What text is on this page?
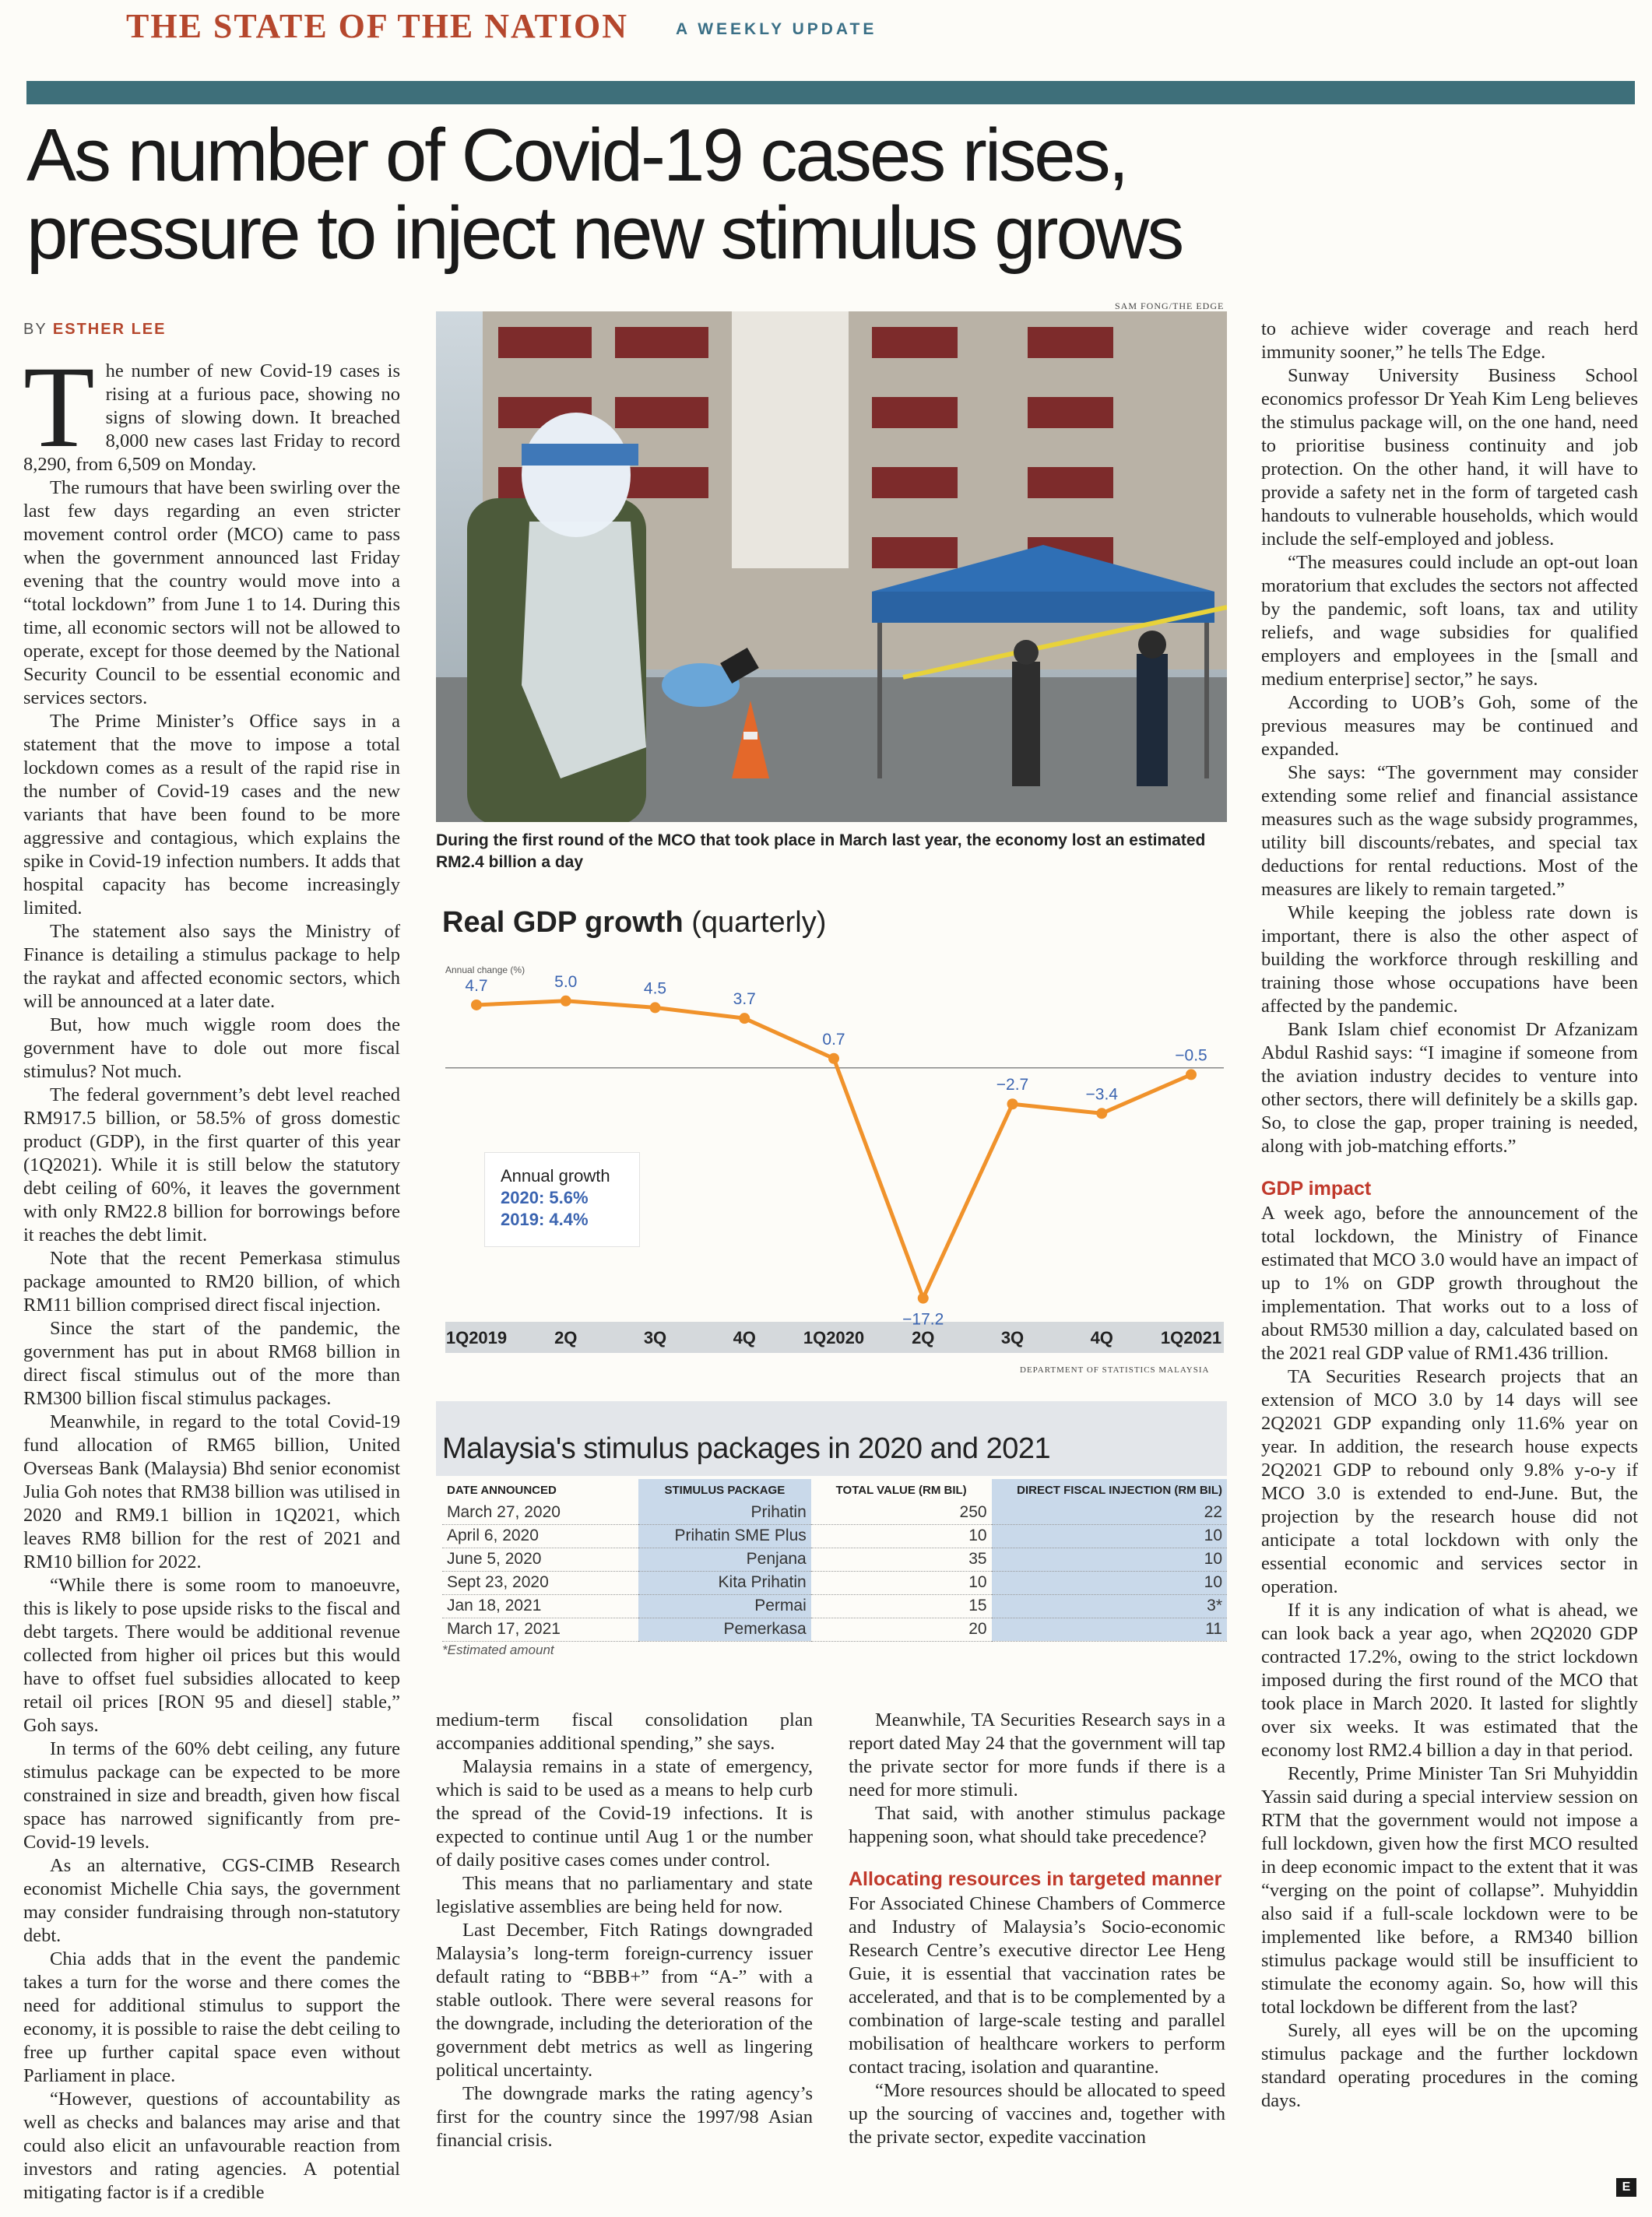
THE STATE OF THE NATION	A WEEKLY UPDATE
As number of Covid-19 cases rises,
pressure to inject new stimulus grows
BY ESTHER LEE

The number of new Covid-19 cases is rising at a furious pace, showing no signs of slowing down. It breached 8,000 new cases last Friday to record 8,290, from 6,509 on Monday.

The rumours that have been swirling over the last few days regarding an even stricter movement control order (MCO) came to pass when the government announced last Friday evening that the country would move into a “total lockdown” from June 1 to 14. During this time, all economic sectors will not be allowed to operate, except for those deemed by the National Security Council to be essential economic and services sectors.

The Prime Minister’s Office says in a statement that the move to impose a total lockdown comes as a result of the rapid rise in the number of Covid-19 cases and the new variants that have been found to be more aggressive and contagious, which explains the spike in Covid-19 infection numbers. It adds that hospital capacity has become increasingly limited.

The statement also says the Ministry of Finance is detailing a stimulus package to help the raykat and affected economic sectors, which will be announced at a later date.

But, how much wiggle room does the government have to dole out more fiscal stimulus? Not much.

The federal government’s debt level reached RM917.5 billion, or 58.5% of gross domestic product (GDP), in the first quarter of this year (1Q2021). While it is still below the statutory debt ceiling of 60%, it leaves the government with only RM22.8 billion for borrowings before it reaches the debt limit.

Note that the recent Pemerkasa stimulus package amounted to RM20 billion, of which RM11 billion comprised direct fiscal injection.

Since the start of the pandemic, the government has put in about RM68 billion in direct fiscal stimulus out of the more than RM300 billion fiscal stimulus packages.

Meanwhile, in regard to the total Covid-19 fund allocation of RM65 billion, United Overseas Bank (Malaysia) Bhd senior economist Julia Goh notes that RM38 billion was utilised in 2020 and RM9.1 billion in 1Q2021, which leaves RM8 billion for the rest of 2021 and RM10 billion for 2022.

“While there is some room to manoeuvre, this is likely to pose upside risks to the fiscal and debt targets. There would be additional revenue collected from higher oil prices but this would have to offset fuel subsidies allocated to keep retail oil prices [RON 95 and diesel] stable,” Goh says.

In terms of the 60% debt ceiling, any future stimulus package can be expected to be more constrained in size and breadth, given how fiscal space has narrowed significantly from pre-Covid-19 levels.

As an alternative, CGS-CIMB Research economist Michelle Chia says, the government may consider fundraising through non-statutory debt.

Chia adds that in the event the pandemic takes a turn for the worse and there comes the need for additional stimulus to support the economy, it is possible to raise the debt ceiling to free up further capital space even without Parliament in place.

“However, questions of accountability as well as checks and balances may arise and that could also elicit an unfavourable reaction from investors and rating agencies. A potential mitigating factor is if a credible

medium-term fiscal consolidation plan accompanies additional spending,” she says.

Malaysia remains in a state of emergency, which is said to be used as a means to help curb the spread of the Covid-19 infections. It is expected to continue until Aug 1 or the number of daily positive cases comes under control.

This means that no parliamentary and state legislative assemblies are being held for now.

Last December, Fitch Ratings downgraded Malaysia’s long-term foreign-currency issuer default rating to “BBB+” from “A-” with a stable outlook. There were several reasons for the downgrade, including the deterioration of the government debt metrics as well as lingering political uncertainty.

The downgrade marks the rating agency’s first for the country since the 1997/98 Asian financial crisis.

Meanwhile, TA Securities Research says in a report dated May 24 that the government will tap the private sector for more funds if there is a need for more stimuli.

That said, with another stimulus package happening soon, what should take precedence?

Allocating resources in targeted manner

For Associated Chinese Chambers of Commerce and Industry of Malaysia’s Socio-economic Research Centre’s executive director Lee Heng Guie, it is essential that vaccination rates be accelerated, and that is to be complemented by a combination of large-scale testing and parallel mobilisation of healthcare workers to perform contact tracing, isolation and quarantine.

“More resources should be allocated to speed up the sourcing of vaccines and, together with the private sector, expedite vaccination

to achieve wider coverage and reach herd immunity sooner,” he tells The Edge.

Sunway University Business School economics professor Dr Yeah Kim Leng believes the stimulus package will, on the one hand, need to prioritise business continuity and job protection. On the other hand, it will have to provide a safety net in the form of targeted cash handouts to vulnerable households, which would include the self-employed and jobless.

“The measures could include an opt-out loan moratorium that excludes the sectors not affected by the pandemic, soft loans, tax and utility reliefs, and wage subsidies for qualified employers and employees in the [small and medium enterprise] sector,” he says.

According to UOB’s Goh, some of the previous measures may be continued and expanded.

She says: “The government may consider extending some relief and financial assistance measures such as the wage subsidy programmes, utility bill discounts/rebates, and special tax deductions for rental reductions. Most of the measures are likely to remain targeted.”

While keeping the jobless rate down is important, there is also the other aspect of building the workforce through reskilling and training those whose occupations have been affected by the pandemic.

Bank Islam chief economist Dr Afzanizam Abdul Rashid says: “I imagine if someone from the aviation industry decides to venture into other sectors, there will definitely be a skills gap. So, to close the gap, proper training is needed, along with job-matching efforts.”

GDP impact

A week ago, before the announcement of the total lockdown, the Ministry of Finance estimated that MCO 3.0 would have an impact of up to 1% on GDP growth throughout the implementation. That works out to a loss of about RM530 million a day, calculated based on the 2021 real GDP value of RM1.436 trillion.

TA Securities Research projects that an extension of MCO 3.0 by 14 days will see 2Q2021 GDP expanding only 11.6% year on year. In addition, the research house expects 2Q2021 GDP to rebound only 9.8% y-o-y if MCO 3.0 is extended to end-June. But, the projection by the research house did not anticipate a total lockdown with only the essential economic and services sector in operation.

If it is any indication of what is ahead, we can look back a year ago, when 2Q2020 GDP contracted 17.2%, owing to the strict lockdown imposed during the first round of the MCO that took place in March 2020. It lasted for slightly over six weeks. It was estimated that the economy lost RM2.4 billion a day in that period.

Recently, Prime Minister Tan Sri Muhyiddin Yassin said during a special interview session on RTM that the government would not impose a full lockdown, given how the first MCO resulted in deep economic impact to the extent that it was “verging on the point of collapse”. Muhyiddin also said if a full-scale lockdown were to be implemented like before, a RM340 billion stimulus package would still be insufficient to stimulate the economy again. So, how will this total lockdown be different from the last?

Surely, all eyes will be on the upcoming stimulus package and the further lockdown standard operating procedures in the coming days.

SAM FONG/THE EDGE
During the first round of the MCO that took place in March last year, the economy lost an estimated RM2.4 billion a day
Real GDP growth (quarterly)
Annual change (%)
4.7	5.0	4.5
3.7
0.7
−17.2
−2.7
−3.4
−0.5
1Q2019	2Q	3Q	4Q	1Q2020	2Q	3Q	4Q	1Q2021
Annual growth
2020: 5.6%
2019: 4.4%
DEPARTMENT OF STATISTICS MALAYSIA
Malaysia's stimulus packages in 2020 and 2021
DATE ANNOUNCED	STIMULUS PACKAGE	TOTAL VALUE (RM BIL)	DIRECT FISCAL INJECTION (RM BIL)
March 27, 2020	Prihatin	250	22
April 6, 2020	Prihatin SME Plus	10	10
June 5, 2020	Penjana	35	10
Sept 23, 2020	Kita Prihatin	10	10
Jan 18, 2021	Permai	15	3*
March 17, 2021	Pemerkasa	20	11
*Estimated amount
E
